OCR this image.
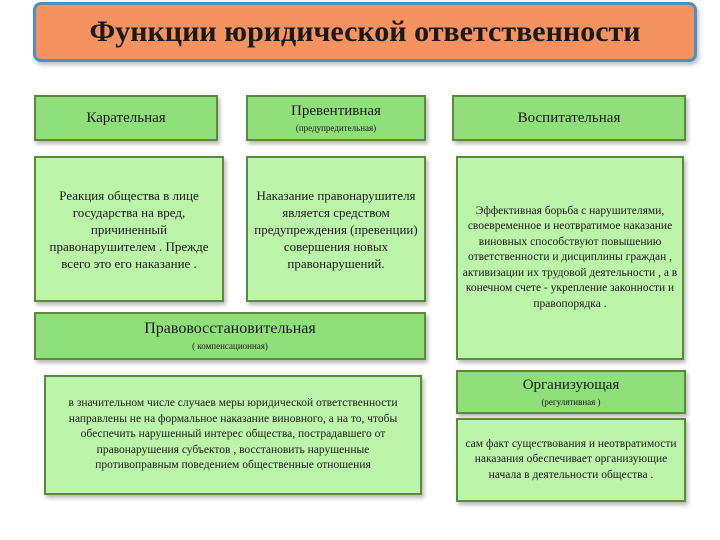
Функции юридической ответственности
Карательная
Реакция общества в лице государства на вред, причиненный правонарушителем . Прежде всего это его наказание .
Превентивная
(предупредительная)
Наказание правонарушителя является средством предупреждения (превенции) совершения новых правонарушений.
Воспитательная
Эффективная борьба с нарушителями, своевременное и неотвратимое наказание виновных способствуют повышению ответственности и дисциплины граждан , активизации их трудовой деятельности , а в конечном счете - укрепление законности и правопорядка .
Правовосстановительная
( компенсационная)
в значительном числе случаев меры юридической ответственности направлены не на формальное наказание виновного, а на то, чтобы обеспечить нарушенный интерес общества, пострадавшего от правонарушения субъектов , восстановить нарушенные противоправным поведением общественные отношения
Организующая
(регулятивная )
сам факт существования и неотвратимости наказания обеспечивает организующие начала в деятельности общества .
